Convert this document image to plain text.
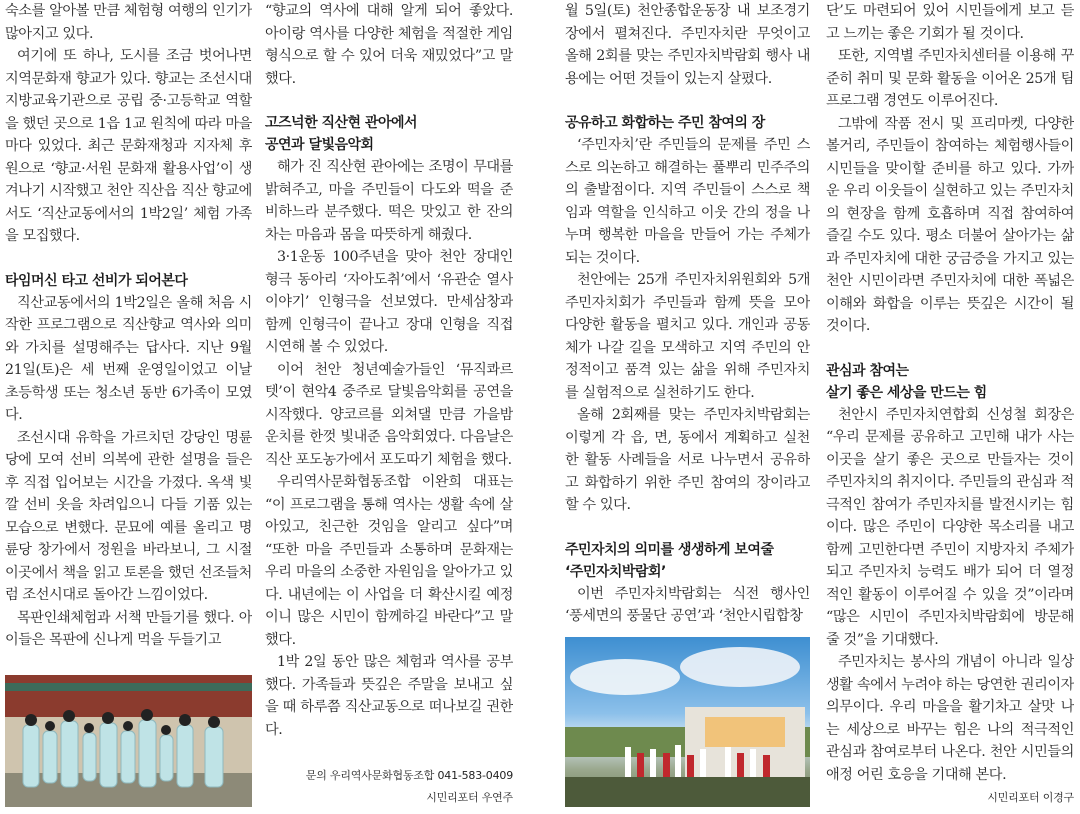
숙소를 알아볼 만큼 체험형 여행의 인기가 많아지고 있다.

여기에 또 하나, 도시를 조금 벗어나면 지역문화재 향교가 있다. 향교는 조선시대 지방교육기관으로 공립 중·고등학교 역할을 했던 곳으로 1읍 1교 원칙에 따라 마을마다 있었다. 최근 문화재청과 지자체 후원으로 ‘향교·서원 문화재 활용사업’이 생겨나기 시작했고 천안 직산읍 직산 향교에서도 ‘직산교동에서의 1박2일’ 체험 가족을 모집했다.

타임머신 타고 선비가 되어본다

직산교동에서의 1박2일은 올해 처음 시작한 프로그램으로 직산향교 역사와 의미와 가치를 설명해주는 답사다. 지난 9월 21일(토)은 세 번째 운영일이었고 이날 초등학생 또는 청소년 동반 6가족이 모였다.

조선시대 유학을 가르치던 강당인 명륜당에 모여 선비 의복에 관한 설명을 들은 후 직접 입어보는 시간을 가졌다. 옥색 빛깔 선비 옷을 차려입으니 다들 기품 있는 모습으로 변했다. 문묘에 예를 올리고 명륜당 창가에서 정원을 바라보니, 그 시절 이곳에서 책을 읽고 토론을 했던 선조들처럼 조선시대로 돌아간 느낌이었다.

목판인쇄체험과 서책 만들기를 했다. 아이들은 목판에 신나게 먹을 두들기고

“향교의 역사에 대해 알게 되어 좋았다. 아이랑 역사를 다양한 체험을 적절한 게임형식으로 할 수 있어 더욱 재밌었다”고 말했다.

고즈넉한 직산현 관아에서
공연과 달빛음악회

해가 진 직산현 관아에는 조명이 무대를 밝혀주고, 마을 주민들이 다도와 떡을 준비하느라 분주했다. 떡은 맛있고 한 잔의 차는 마음과 몸을 따뜻하게 해줬다.

3·1운동 100주년을 맞아 천안 장대인형극 동아리 ‘자아도취’에서 ‘유관순 열사 이야기’ 인형극을 선보였다. 만세삼창과 함께 인형극이 끝나고 장대 인형을 직접 시연해 볼 수 있었다.

이어 천안 청년예술가들인 ‘뮤직콰르텟’이 현악4 중주로 달빛음악회를 공연을 시작했다. 양코르를 외쳐댈 만큼 가을밤 운치를 한껏 빛내준 음악회였다. 다음날은 직산 포도농가에서 포도따기 체험을 했다.

우리역사문화협동조합 이완희 대표는 “이 프로그램을 통해 역사는 생활 속에 살아있고, 친근한 것임을 알리고 싶다”며 “또한 마을 주민들과 소통하며 문화재는 우리 마을의 소중한 자원임을 알아가고 있다. 내년에는 이 사업을 더 확산시킬 예정이니 많은 시민이 함께하길 바란다”고 말했다.

1박 2일 동안 많은 체험과 역사를 공부했다. 가족들과 뜻깊은 주말을 보내고 싶을 때 하루쯤 직산교동으로 떠나보길 권한다.

문의 우리역사문화협동조합 041-583-0409
시민리포터 우연주

월 5일(토) 천안종합운동장 내 보조경기장에서 펼쳐진다. 주민자치란 무엇이고 올해 2회를 맞는 주민자치박람회 행사 내용에는 어떤 것들이 있는지 살폈다.

공유하고 화합하는 주민 참여의 장

‘주민자치’란 주민들의 문제를 주민 스스로 의논하고 해결하는 풀뿌리 민주주의의 출발점이다. 지역 주민들이 스스로 책임과 역할을 인식하고 이웃 간의 정을 나누며 행복한 마을을 만들어 가는 주체가 되는 것이다.

천안에는 25개 주민자치위원회와 5개 주민자치회가 주민들과 함께 뜻을 모아 다양한 활동을 펼치고 있다. 개인과 공동체가 나갈 길을 모색하고 지역 주민의 안정적이고 품격 있는 삶을 위해 주민자치를 실험적으로 실천하기도 한다.

올해 2회째를 맞는 주민자치박람회는 이렇게 각 읍, 면, 동에서 계획하고 실천한 활동 사례들을 서로 나누면서 공유하고 화합하기 위한 주민 참여의 장이라고 할 수 있다.

주민자치의 의미를 생생하게 보여줄
‘주민자치박람회’

이번 주민자치박람회는 식전 행사인 ‘풍세면의 풍물단 공연’과 ‘천안시립합창

단’도 마련되어 있어 시민들에게 보고 듣고 느끼는 좋은 기회가 될 것이다.

또한, 지역별 주민자치센터를 이용해 꾸준히 취미 및 문화 활동을 이어온 25개 팀 프로그램 경연도 이루어진다.

그밖에 작품 전시 및 프리마켓, 다양한 볼거리, 주민들이 참여하는 체험행사들이 시민들을 맞이할 준비를 하고 있다. 가까운 우리 이웃들이 실현하고 있는 주민자치의 현장을 함께 호흡하며 직접 참여하여 즐길 수도 있다. 평소 더불어 살아가는 삶과 주민자치에 대한 궁금증을 가지고 있는 천안 시민이라면 주민자치에 대한 폭넓은 이해와 화합을 이루는 뜻깊은 시간이 될 것이다.

관심과 참여는
살기 좋은 세상을 만드는 힘

천안시 주민자치연합회 신성철 회장은 “우리 문제를 공유하고 고민해 내가 사는 이곳을 살기 좋은 곳으로 만들자는 것이 주민자치의 취지이다. 주민들의 관심과 적극적인 참여가 주민자치를 발전시키는 힘이다. 많은 주민이 다양한 목소리를 내고 함께 고민한다면 주민이 지방자치 주체가 되고 주민자치 능력도 배가 되어 더 열정적인 활동이 이루어질 수 있을 것”이라며 “많은 시민이 주민자치박람회에 방문해 줄 것”을 기대했다.

주민자치는 봉사의 개념이 아니라 일상생활 속에서 누려야 하는 당연한 권리이자 의무이다. 우리 마을을 활기차고 살맛 나는 세상으로 바꾸는 힘은 나의 적극적인 관심과 참여로부터 나온다. 천안 시민들의 애정 어린 호응을 기대해 본다.

시민리포터 이경구
